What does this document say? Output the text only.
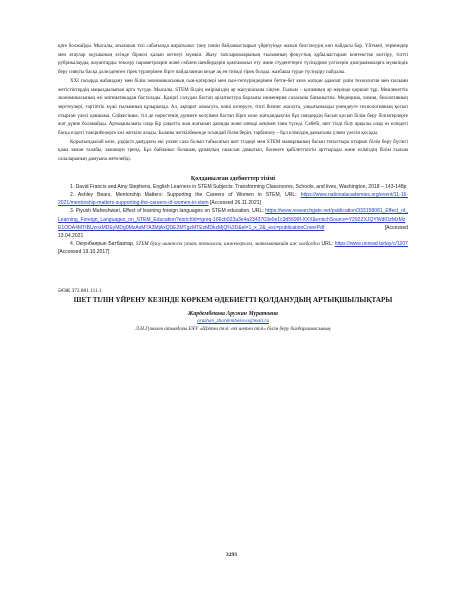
қате болжайды. Мысалы, ағылшын тілі сабағында жаратылыс тану пәнін байланыстырып үйретуінде жазып белгілеудің көп пайдасы бар. Үйткені, терминдер мен атаулар оқушының есінде біржол қалып кетпеуі мүмкін. Жазу тапсырмаларының ғылымның фокустық құбылыстарын контекстке келтіру, тілтті рубрикалауды, жауаптарды тексеру параметрлерін және сөйлем шекбердерін қамтамасыз ету және студенттерге түсіндірме үлгілерін диаграммаларға мүмкіндік беру сияқты басқа дәлелденген тірек түрлерімен бірге пайдаланған кезде ақ ен тиімді тірек болды. жазбаша түрде түсіндіру пайдалы.

ХХІ ғасырда жаһандану мен білім экономикасының сын-қатерлері мен сын-тегеуріндерімен бетпе-бет келе жатқан адамзат үшін технология мен ғылымн жетістіктердің маңыздылығын арта түсуде. Мысалы, STEM біздің өміріміздің әр жасушасына сіңген. Ғылым – қоғамның әр жерінде қоршап тұр. Мемлекеттік экономикасының өзі математикадан басталады. Қазіргі салудан бастап архитектура барлығы инженерия саласына бағыныпты. Медицина, химия, биологияның зерттеулері, тәртіптік күші ғылымның құзырында. Ал, ақпарат алмасуға, көші көтеруге, тіпті бизнес жасауға, уақытымызды үнемдеуге технологияның қосып отырған үлесі қаншама. Сойкесінше, тіл де нәрестенің дүниеге келуімен бастап бірге келе жатқандықтан бұл пәндердің басын қосып білім беру білімгерлерге жат дүние боламайды. Артықшылығы олар бір уақытта жан жағынан дамиды және әлемді кеңінен тани түседі. Себебі, шет тілді білу арқылы олар өз еліндегі басқа елдегі тәжірибелерге көз жеткізе алады. Баланы жеткізбекенде осындай білім берін, тәрбиелеу – бұл еліміздің дамысына үлкен үлесін қосады.

Қорытындылай келе, ұздіксіз дамудағы екі үлкен сала болып табылатын шет тілдері мен STEM мазмұнының басын тоғыстыра отырып білім беру бүгінгі қажа заман талабы, заманауи тренд. Бұл байланыс болашақ ұрпақтың санасын дамытып, бәсекеге қабілеттілігін арттырады және еліміздің білім ғылым салаларының дамуына жетелейді.

Қолданылған әдебиеттер тізімі

1. David Francis and Amy Stephens, English Learners in STEM Subjects: Transforming Classrooms, Schools, and lives, Washington, 2018 – 143-148p

2. Ashley Bears, Mentorship Matters: Supporting the Careers of Women in STEM, URL: https://www.nationalacademies.org/event/11-16-2021/mentorship-matters-supporting-the-careers-of-women-in-stem [Accessed 26.11.2021]

3. Piyush Maheshwari, Effect of learning foreign languages on STEM education, URL: https://www.researchgate.net/publication/333158081_Effect_of_Learning_Foreign_Languages_on_STEM_Education?enrichId=rgreq-166cb023a3e4a2343703e0e1c3d5699f-XXX&enrichSource=Y292ZXJQYWdlOzMzMzE1ODA4MTtBUzoxMDEyMDg0MzAxMTA3MjAxQDE2MTgzMTExMDkzMjQ%3D&el=1_x_2&_esc=publicationCoverPdf	[Accessed

13.04.2021

4. Оюунбаярын Батбаатар, STEM буюу шинжлэх ухаан, технологи, инженерчлэл, математикийн аж холбогдол URL: https://www.unread.today/c/1207 [Accessed 19.10.2017]

ӘОЖ 372.881.111.1
ШЕТ ТІЛІН ҮЙРЕНУ КЕЗІНДЕ КӨРКЕМ ӘДЕБИЕТТІ ҚОЛДАНУДЫҢ АРТЫҚШЫЛЫҚТАРЫ
Жардембекова Аружан Муратовна
aruzhan_zhardembekova@mail.ru
Л.Н.Гумилев атындағы ЕҰУ «Шетел тілі: екі шетел тілі» білім беру бағдарламасының
3293
